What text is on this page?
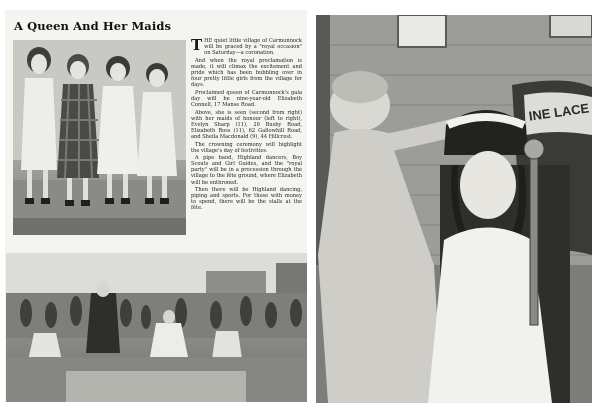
A Queen And Her Maids

THE quiet little village of Carmunnock will be graced by a "royal occasion" on Saturday—a coronation.

And when the royal proclamation is made, it will climax the excitement and pride which has been bubbling over in four pretty little girls from the village for days.

Proclaimed queen of Carmunnock's gala day will be nine-year-old Elizabeth Connell, 17 Manse Road.

Above, she is seen (second from right) with her maids of honour (left to right), Evelyn Sharp (11), 20 Busby Road, Elizabeth Ross (11), 62 Gallowhill Road, and Sheila Macdonald (9), 44 Hillcrest.

The crowning ceremony will highlight the village's day of festivities.

A pipe band, Highland dancers, Boy Scouts and Girl Guides, and the "royal party" will be in a procession through the village to the fête ground, where Elizabeth will be enthroned.

Then there will be Highland dancing, piping and sports. For those with money to spend, there will be the stalls at the fête.

INE LACE
